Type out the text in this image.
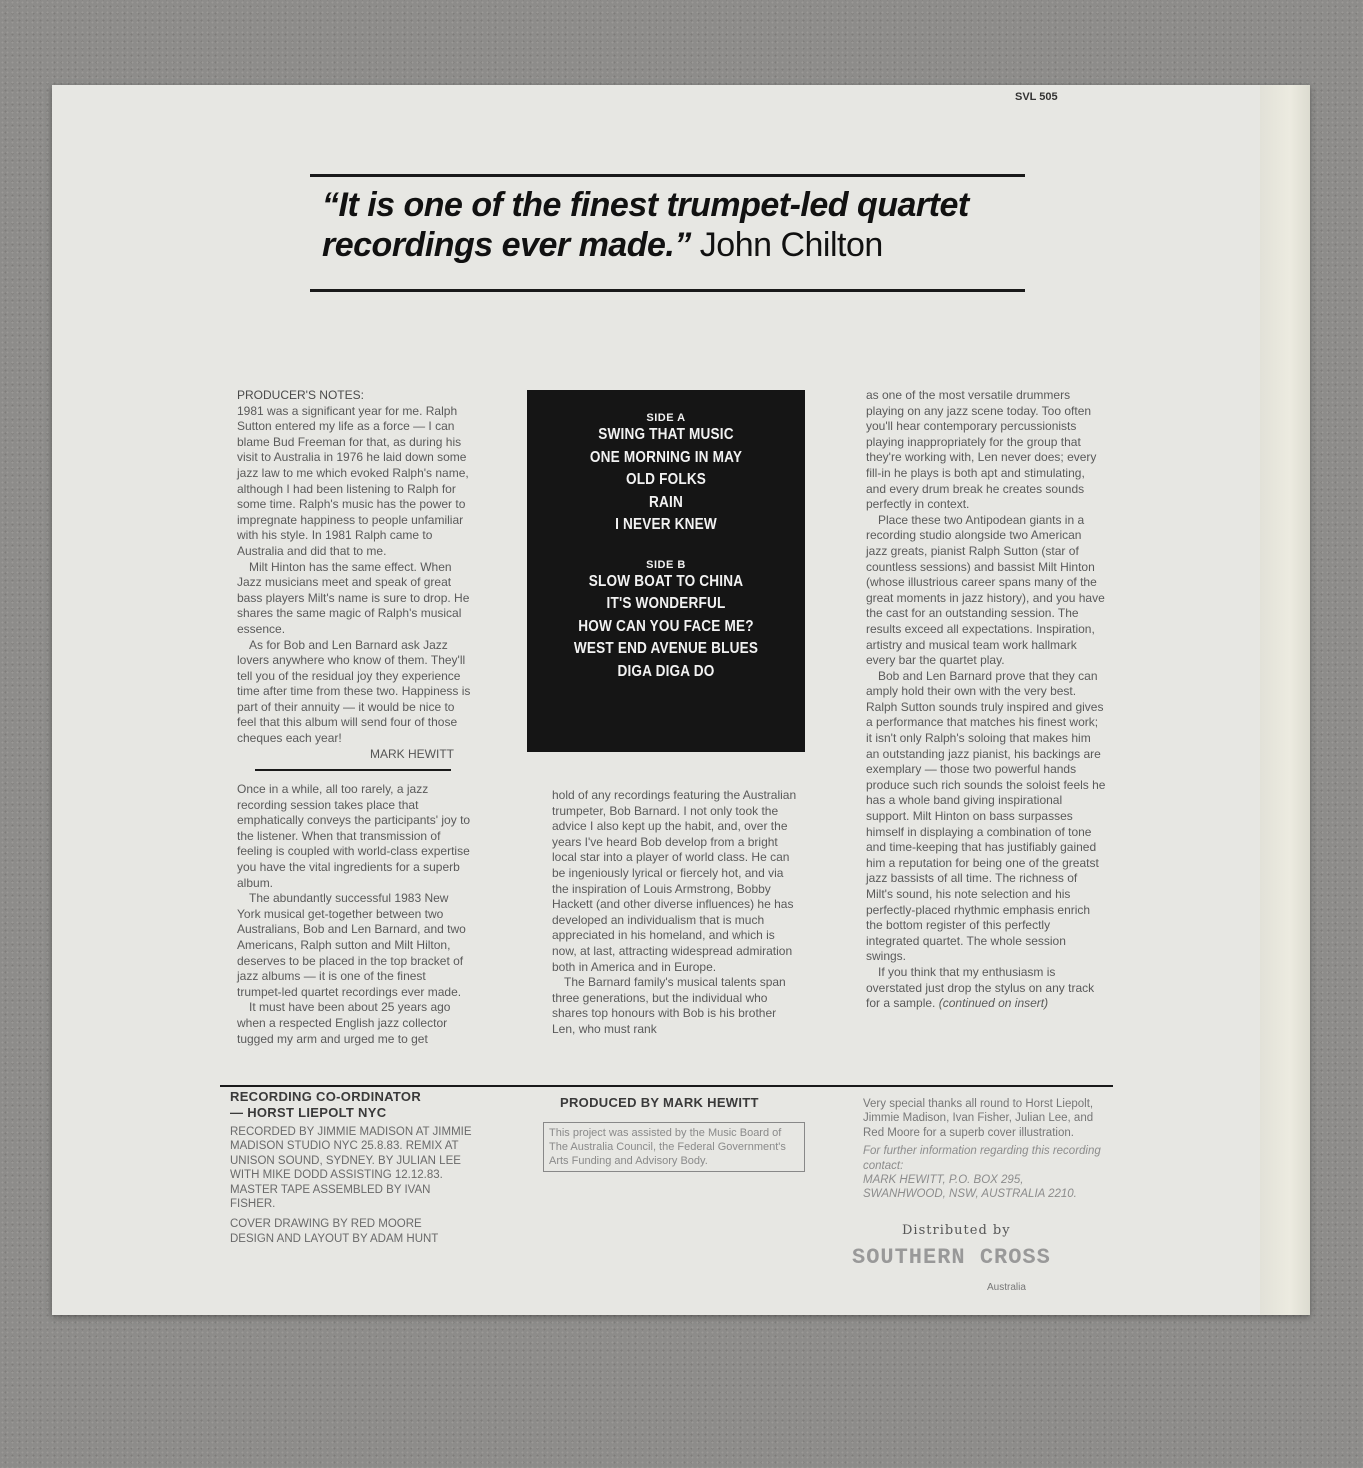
SVL 505
“It is one of the finest trumpet-led quartet recordings ever made.” John Chilton
PRODUCER'S NOTES:

1981 was a significant year for me. Ralph Sutton entered my life as a force — I can blame Bud Freeman for that, as during his visit to Australia in 1976 he laid down some jazz law to me which evoked Ralph's name, although I had been listening to Ralph for some time. Ralph's music has the power to impregnate happiness to people unfamiliar with his style. In 1981 Ralph came to Australia and did that to me.

Milt Hinton has the same effect. When Jazz musicians meet and speak of great bass players Milt's name is sure to drop. He shares the same magic of Ralph's musical essence.

As for Bob and Len Barnard ask Jazz lovers anywhere who know of them. They'll tell you of the residual joy they experience time after time from these two. Happiness is part of their annuity — it would be nice to feel that this album will send four of those cheques each year!

MARK HEWITT

Once in a while, all too rarely, a jazz recording session takes place that emphatically conveys the participants' joy to the listener. When that transmission of feeling is coupled with world-class expertise you have the vital ingredients for a superb album.

The abundantly successful 1983 New York musical get-together between two Australians, Bob and Len Barnard, and two Americans, Ralph sutton and Milt Hilton, deserves to be placed in the top bracket of jazz albums — it is one of the finest trumpet-led quartet recordings ever made.

It must have been about 25 years ago when a respected English jazz collector tugged my arm and urged me to get

SIDE A
SWING THAT MUSIC
ONE MORNING IN MAY
OLD FOLKS
RAIN
I NEVER KNEW
SIDE B
SLOW BOAT TO CHINA
IT'S WONDERFUL
HOW CAN YOU FACE ME?
WEST END AVENUE BLUES
DIGA DIGA DO

hold of any recordings featuring the Australian trumpeter, Bob Barnard. I not only took the advice I also kept up the habit, and, over the years I've heard Bob develop from a bright local star into a player of world class. He can be ingeniously lyrical or fiercely hot, and via the inspiration of Louis Armstrong, Bobby Hackett (and other diverse influences) he has developed an individualism that is much appreciated in his homeland, and which is now, at last, attracting widespread admiration both in America and in Europe.

The Barnard family's musical talents span three generations, but the individual who shares top honours with Bob is his brother Len, who must rank

as one of the most versatile drummers playing on any jazz scene today. Too often you'll hear contemporary percussionists playing inappropriately for the group that they're working with, Len never does; every fill-in he plays is both apt and stimulating, and every drum break he creates sounds perfectly in context.

Place these two Antipodean giants in a recording studio alongside two American jazz greats, pianist Ralph Sutton (star of countless sessions) and bassist Milt Hinton (whose illustrious career spans many of the great moments in jazz history), and you have the cast for an outstanding session. The results exceed all expectations. Inspiration, artistry and musical team work hallmark every bar the quartet play.

Bob and Len Barnard prove that they can amply hold their own with the very best. Ralph Sutton sounds truly inspired and gives a performance that matches his finest work; it isn't only Ralph's soloing that makes him an outstanding jazz pianist, his backings are exemplary — those two powerful hands produce such rich sounds the soloist feels he has a whole band giving inspirational support. Milt Hinton on bass surpasses himself in displaying a combination of tone and time-keeping that has justifiably gained him a reputation for being one of the greatst jazz bassists of all time. The richness of Milt's sound, his note selection and his perfectly-placed rhythmic emphasis enrich the bottom register of this perfectly integrated quartet. The whole session swings.

If you think that my enthusiasm is overstated just drop the stylus on any track for a sample. (continued on insert)

RECORDING CO-ORDINATOR
— HORST LIEPOLT NYC
RECORDED BY JIMMIE MADISON AT JIMMIE MADISON STUDIO NYC 25.8.83. REMIX AT UNISON SOUND, SYDNEY. BY JULIAN LEE WITH MIKE DODD ASSISTING 12.12.83. MASTER TAPE ASSEMBLED BY IVAN FISHER.
COVER DRAWING BY RED MOORE
DESIGN AND LAYOUT BY ADAM HUNT
PRODUCED BY MARK HEWITT
This project was assisted by the Music Board of The Australia Council, the Federal Government's Arts Funding and Advisory Body.
Very special thanks all round to Horst Liepolt, Jimmie Madison, Ivan Fisher, Julian Lee, and Red Moore for a superb cover illustration.
For further information regarding this recording contact:
MARK HEWITT, P.O. BOX 295,
SWANHWOOD, NSW, AUSTRALIA 2210.
Distributed by
SOUTHERN CROSS
Australia
